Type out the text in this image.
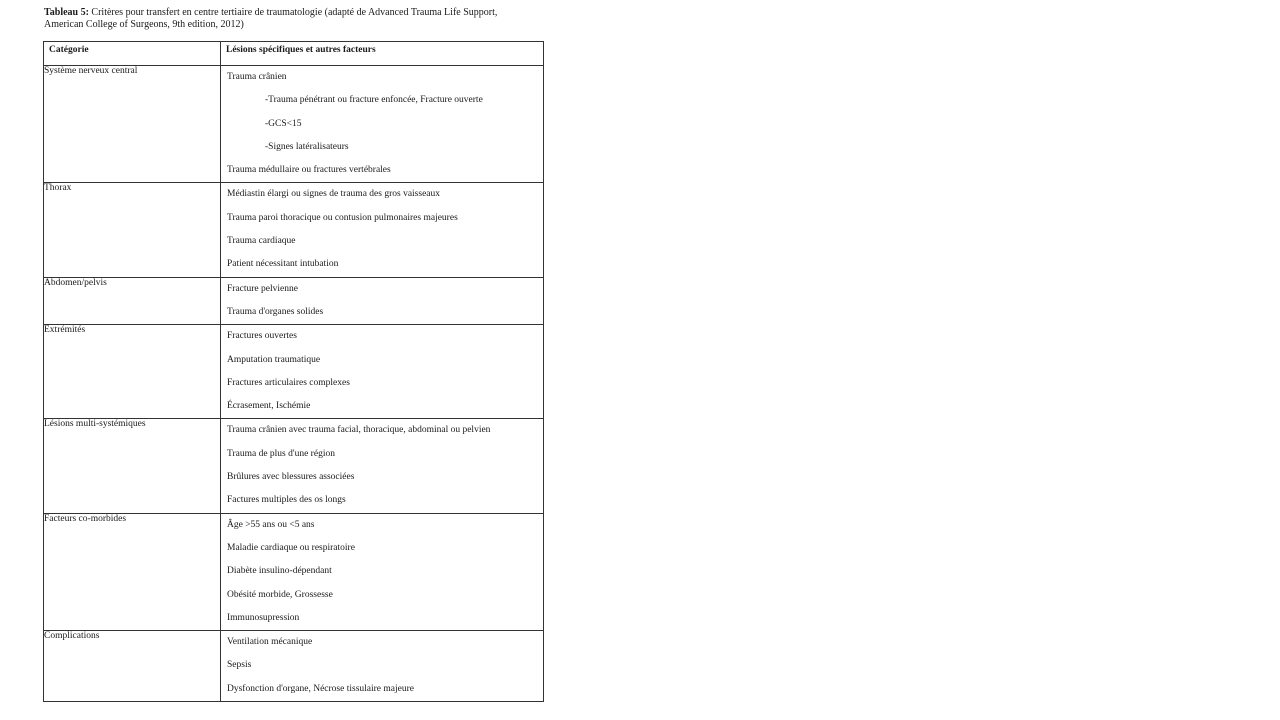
Tableau 5: Critères pour transfert en centre tertiaire de traumatologie (adapté de Advanced Trauma Life Support, American College of Surgeons, 9th edition, 2012)
Catégorie	Lésions spécifiques et autres facteurs
Système nerveux central	Trauma crânien
-Trauma pénétrant ou fracture enfoncée, Fracture ouverte
-GCS<15
-Signes latéralisateurs
Trauma médullaire ou fractures vertébrales

Thorax	Médiastin élargi ou signes de trauma des gros vaisseaux
Trauma paroi thoracique ou contusion pulmonaires majeures
Trauma cardiaque
Patient nécessitant intubation

Abdomen/pelvis	Fracture pelvienne
Trauma d'organes solides

Extrémités	Fractures ouvertes
Amputation traumatique
Fractures articulaires complexes
Écrasement, Ischémie

Lésions multi-systémiques	Trauma crânien avec trauma facial, thoracique, abdominal ou pelvien
Trauma de plus d'une région
Brûlures avec blessures associées
Factures multiples des os longs

Facteurs co-morbides	Âge >55 ans ou <5 ans
Maladie cardiaque ou respiratoire
Diabète insulino-dépendant
Obésité morbide, Grossesse
Immunosupression

Complications	Ventilation mécanique
Sepsis
Dysfonction d'organe, Nécrose tissulaire majeure
